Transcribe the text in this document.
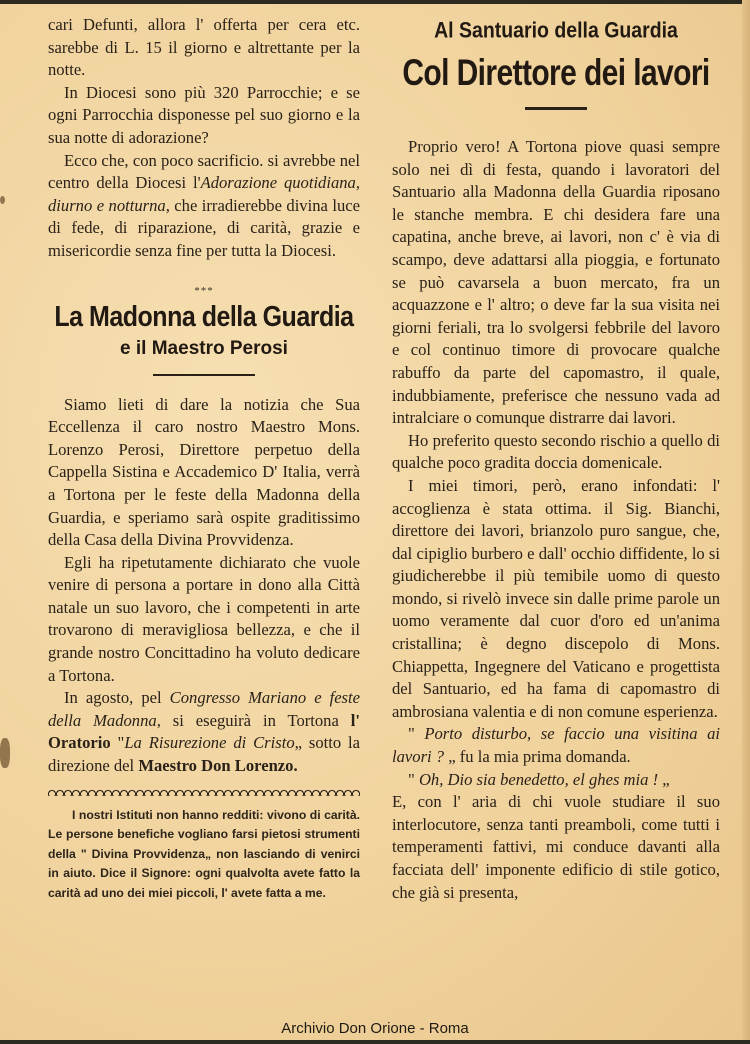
cari Defunti, allora l' offerta per cera etc. sarebbe di L. 15 il giorno e altrettante per la notte.

In Diocesi sono più 320 Parrocchie; e se ogni Parrocchia disponesse pel suo giorno e la sua notte di adorazione?

Ecco che, con poco sacrificio. si avrebbe nel centro della Diocesi l'Adorazione quotidiana, diurno e notturna, che irradierebbe divina luce di fede, di riparazione, di carità, grazie e misericordie senza fine per tutta la Diocesi.

***
La Madonna della Guardia
e il Maestro Perosi

Siamo lieti di dare la notizia che Sua Eccellenza il caro nostro Maestro Mons. Lorenzo Perosi, Direttore perpetuo della Cappella Sistina e Accademico D' Italia, verrà a Tortona per le feste della Madonna della Guardia, e speriamo sarà ospite graditissimo della Casa della Divina Provvidenza.

Egli ha ripetutamente dichiarato che vuole venire di persona a portare in dono alla Città natale un suo lavoro, che i competenti in arte trovarono di meravigliosa bellezza, e che il grande nostro Concittadino ha voluto dedicare a Tortona.

In agosto, pel Congresso Mariano e feste della Madonna, si eseguirà in Tortona l' Oratorio "La Risurezione di Cristo„ sotto la direzione del Maestro Don Lorenzo.

I nostri Istituti non hanno redditi: vivono di carità. Le persone benefiche vogliano farsi pietosi strumenti della " Divina Provvidenza„ non lasciando di venirci in aiuto. Dice il Signore: ogni qualvolta avete fatto la carità ad uno dei miei piccoli, l' avete fatta a me.

Al Santuario della Guardia
Col Direttore dei lavori

Proprio vero! A Tortona piove quasi sempre solo nei dì di festa, quando i lavoratori del Santuario alla Madonna della Guardia riposano le stanche membra. E chi desidera fare una capatina, anche breve, ai lavori, non c' è via di scampo, deve adattarsi alla pioggia, e fortunato se può cavarsela a buon mercato, fra un acquazzone e l' altro; o deve far la sua visita nei giorni feriali, tra lo svolgersi febbrile del lavoro e col continuo timore di provocare qualche rabuffo da parte del capomastro, il quale, indubbiamente, preferisce che nessuno vada ad intralciare o comunque distrarre dai lavori.

Ho preferito questo secondo rischio a quello di qualche poco gradita doccia domenicale.

I miei timori, però, erano infondati: l' accoglienza è stata ottima. il Sig. Bianchi, direttore dei lavori, brianzolo puro sangue, che, dal cipiglio burbero e dall' occhio diffidente, lo si giudicherebbe il più temibile uomo di questo mondo, si rivelò invece sin dalle prime parole un uomo veramente dal cuor d'oro ed un'anima cristallina; è degno discepolo di Mons. Chiappetta, Ingegnere del Vaticano e progettista del Santuario, ed ha fama di capomastro di ambrosiana valentia e di non comune esperienza.

" Porto disturbo, se faccio una visitina ai lavori ? „ fu la mia prima domanda.

" Oh, Dio sia benedetto, el ghes mia ! „

E, con l' aria di chi vuole studiare il suo interlocutore, senza tanti preamboli, come tutti i temperamenti fattivi, mi conduce davanti alla facciata dell' imponente edificio di stile gotico, che già si presenta,

Archivio Don Orione - Roma
